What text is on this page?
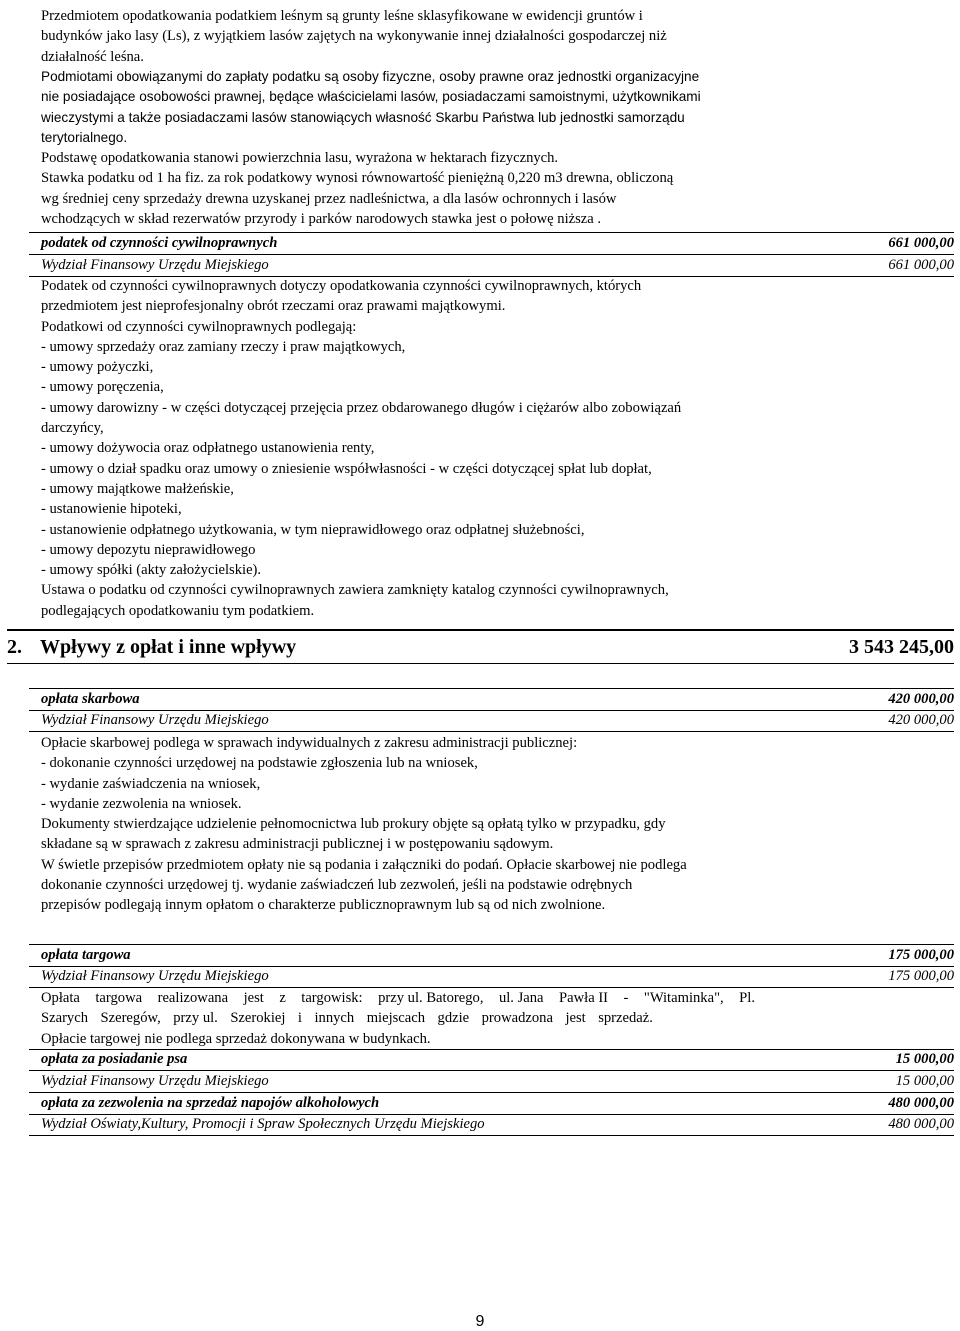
Przedmiotem opodatkowania podatkiem leśnym są grunty leśne sklasyfikowane w ewidencji gruntów i
budynków jako lasy (Ls), z wyjątkiem lasów zajętych na wykonywanie innej działalności gospodarczej niż
działalność leśna.
Podmiotami obowiązanymi do zapłaty podatku są osoby fizyczne, osoby prawne oraz jednostki organizacyjne
nie posiadające osobowości prawnej, będące właścicielami lasów, posiadaczami samoistnymi, użytkownikami
wieczystymi a także posiadaczami lasów stanowiących własność Skarbu Państwa lub jednostki samorządu
terytorialnego.
Podstawę opodatkowania stanowi powierzchnia lasu, wyrażona w hektarach fizycznych.
Stawka podatku od 1 ha fiz. za rok podatkowy wynosi równowartość pieniężną 0,220 m3 drewna, obliczoną
wg średniej ceny sprzedaży drewna uzyskanej przez nadleśnictwa, a dla lasów ochronnych i lasów
wchodzących w skład rezerwatów przyrody i parków narodowych stawka jest o połowę niższa .
podatek od czynności cywilnoprawnych	661 000,00
Wydział Finansowy Urzędu Miejskiego	661 000,00
Podatek od czynności cywilnoprawnych dotyczy opodatkowania czynności cywilnoprawnych, których
przedmiotem jest nieprofesjonalny obrót rzeczami oraz prawami majątkowymi.
Podatkowi od czynności cywilnoprawnych podlegają:
- umowy sprzedaży oraz zamiany rzeczy i praw majątkowych,
- umowy pożyczki,
- umowy poręczenia,
- umowy darowizny - w części dotyczącej przejęcia przez obdarowanego długów i ciężarów albo zobowiązań
darczyńcy,
- umowy dożywocia oraz odpłatnego ustanowienia renty,
- umowy o dział spadku oraz umowy o zniesienie współwłasności - w części dotyczącej spłat lub dopłat,
- umowy majątkowe małżeńskie,
- ustanowienie hipoteki,
- ustanowienie odpłatnego użytkowania, w tym nieprawidłowego oraz odpłatnej służebności,
- umowy depozytu nieprawidłowego
- umowy spółki (akty założycielskie).
Ustawa o podatku od czynności cywilnoprawnych zawiera zamknięty katalog czynności cywilnoprawnych,
podlegających opodatkowaniu tym podatkiem.
2. Wpływy z opłat i inne wpływy	3 543 245,00
opłata skarbowa	420 000,00
Wydział Finansowy Urzędu Miejskiego	420 000,00
Opłacie skarbowej podlega w sprawach indywidualnych z zakresu administracji publicznej:
- dokonanie czynności urzędowej na podstawie zgłoszenia lub na wniosek,
- wydanie zaświadczenia na wniosek,
- wydanie zezwolenia na wniosek.
Dokumenty stwierdzające udzielenie pełnomocnictwa lub prokury objęte są opłatą tylko w przypadku, gdy
składane są w sprawach z zakresu administracji publicznej i w postępowaniu sądowym.
W świetle przepisów przedmiotem opłaty nie są podania i załączniki do podań. Opłacie skarbowej nie podlega
dokonanie czynności urzędowej tj. wydanie zaświadczeń lub zezwoleń, jeśli na podstawie odrębnych
przepisów podlegają innym opłatom o charakterze publicznoprawnym lub są od nich zwolnione.
opłata targowa	175 000,00
Wydział Finansowy Urzędu Miejskiego	175 000,00
Opłata targowa realizowana jest z targowisk: przy ul. Batorego, ul. Jana Pawła II - "Witaminka", Pl.
Szarych Szeregów, przy ul. Szerokiej i innych miejscach gdzie prowadzona jest sprzedaż.
Opłacie targowej nie podlega sprzedaż dokonywana w budynkach.
opłata za posiadanie psa	15 000,00
Wydział Finansowy Urzędu Miejskiego	15 000,00
opłata za zezwolenia na sprzedaż napojów alkoholowych	480 000,00
Wydział Oświaty,Kultury, Promocji i Spraw Społecznych Urzędu Miejskiego	480 000,00
9
